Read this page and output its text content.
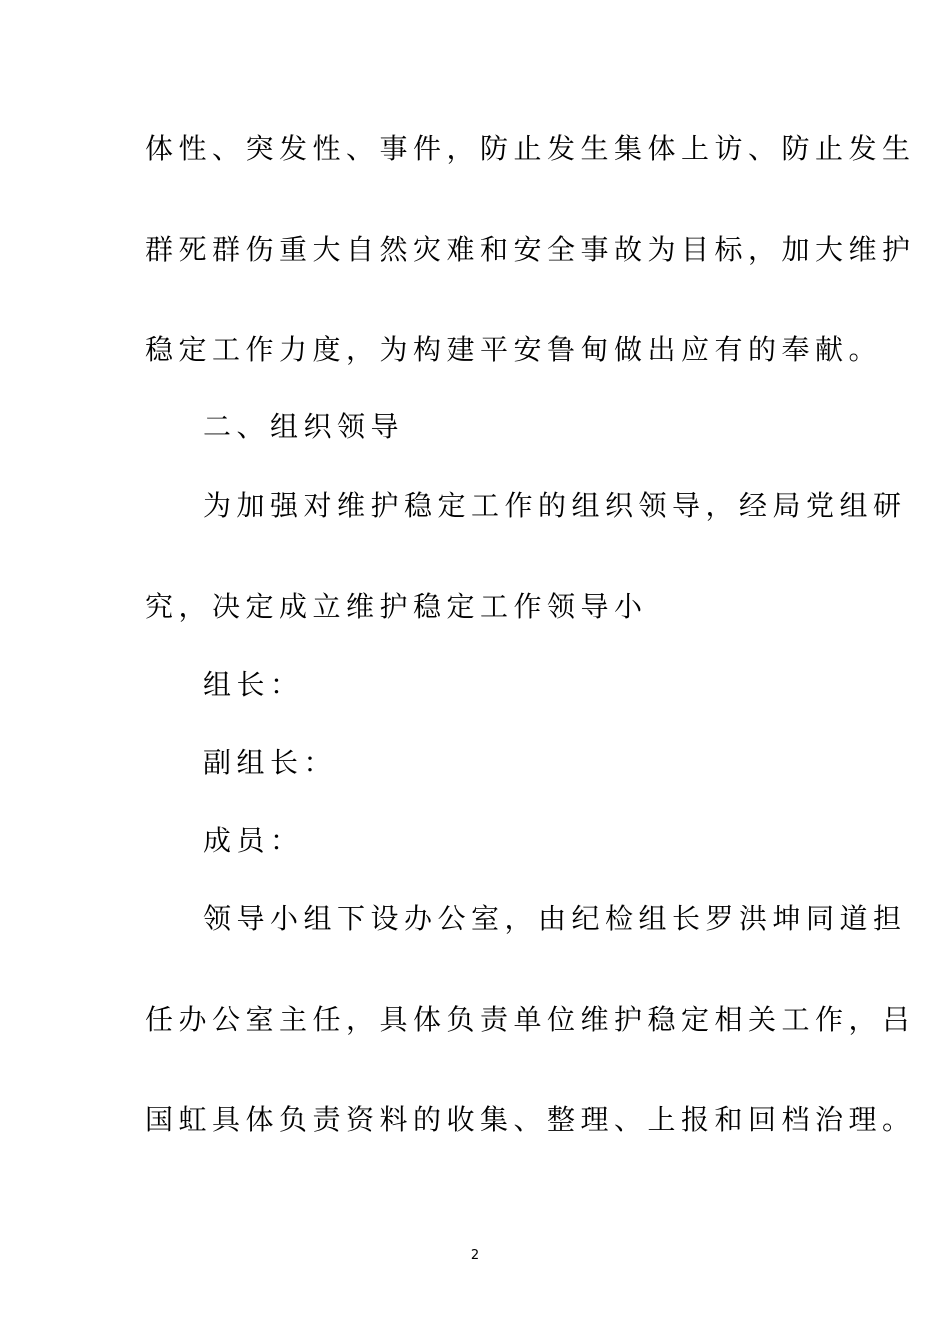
体性、突发性、事件，防止发生集体上访、防止发生
群死群伤重大自然灾难和安全事故为目标，加大维护
稳定工作力度，为构建平安鲁甸做出应有的奉献。
二、组织领导
为加强对维护稳定工作的组织领导，经局党组研
究，决定成立维护稳定工作领导小
组长：
副组长：
成员：
领导小组下设办公室，由纪检组长罗洪坤同道担
任办公室主任，具体负责单位维护稳定相关工作，吕
国虹具体负责资料的收集、整理、上报和回档治理。
2
